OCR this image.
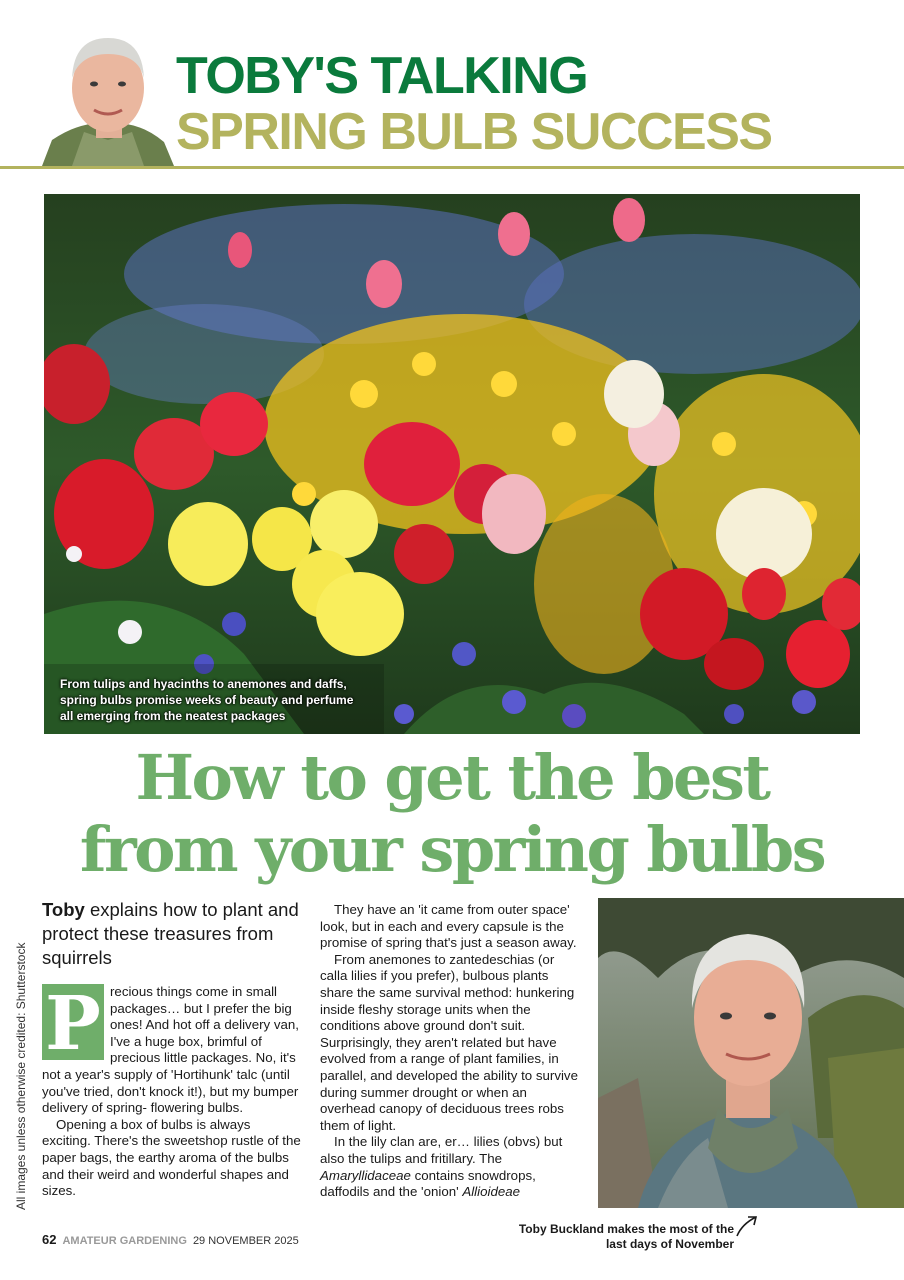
TOBY'S TALKING
SPRING BULB SUCCESS
From tulips and hyacinths to anemones and daffs, spring bulbs promise weeks of beauty and perfume all emerging from the neatest packages
How to get the best
from your spring bulbs
All images unless otherwise credited: Shutterstock
Toby explains how to plant and protect these treasures from squirrels
P recious things come in small packages… but I prefer the big ones! And hot off a delivery van, I've a huge box, brimful of precious little packages. No, it's not a year's supply of 'Hortihunk' talc (until you've tried, don't knock it!), but my bumper delivery of spring- flowering bulbs.

Opening a box of bulbs is always exciting. There's the sweetshop rustle of the paper bags, the earthy aroma of the bulbs and their weird and wonderful shapes and sizes.

They have an 'it came from outer space' look, but in each and every capsule is the promise of spring that's just a season away.

From anemones to zantedeschias (or calla lilies if you prefer), bulbous plants share the same survival method: hunkering inside fleshy storage units when the conditions above ground don't suit. Surprisingly, they aren't related but have evolved from a range of plant families, in parallel, and developed the ability to survive during summer drought or when an overhead canopy of deciduous trees robs them of light.

In the lily clan are, er… lilies (obvs) but also the tulips and fritillary. The Amaryllidaceae contains snowdrops, daffodils and the 'onion' Allioideae

Toby Buckland makes the most of the last days of November
62 AMATEUR GARDENING 29 NOVEMBER 2025
